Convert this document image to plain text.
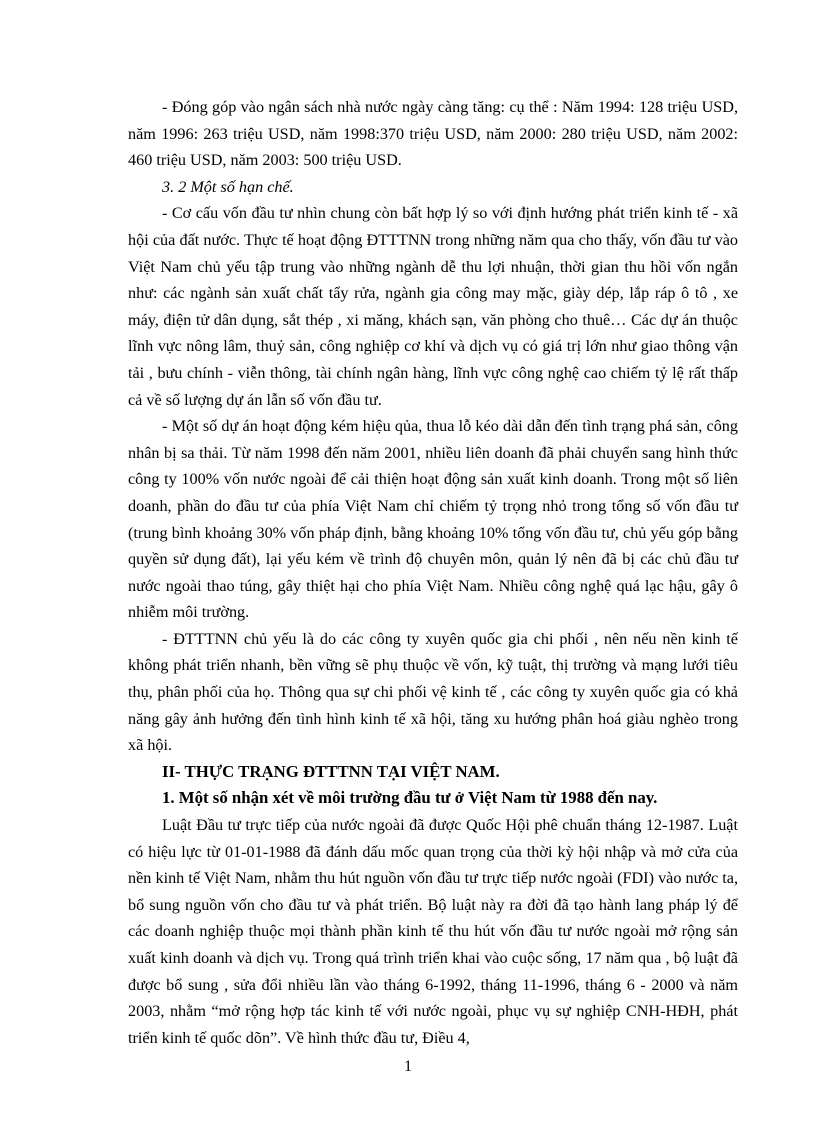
- Đóng góp vào ngân sách nhà nước ngày càng tăng: cụ thể : Năm 1994: 128 triệu USD, năm 1996: 263 triệu USD, năm 1998:370 triệu USD, năm 2000: 280 triệu USD, năm 2002: 460 triệu USD, năm 2003: 500 triệu USD.

3. 2 Một số hạn chế.

- Cơ cấu vốn đầu tư nhìn chung còn bất hợp lý so với định hướng phát triển kinh tế - xã hội của đất nước. Thực tế hoạt động ĐTTTNN trong những năm qua cho thấy, vốn đầu tư vào Việt Nam chủ yếu tập trung vào những ngành dễ thu lợi nhuận, thời gian thu hồi vốn ngắn như: các ngành sản xuất chất tẩy rửa, ngành gia công may mặc, giày dép, lắp ráp ô tô , xe máy, điện tử dân dụng, sắt thép , xi măng, khách sạn, văn phòng cho thuê… Các dự án thuộc lĩnh vực nông lâm, thuỷ sản, công nghiệp cơ khí và dịch vụ có giá trị lớn như giao thông vận tải , bưu chính - viễn thông, tài chính ngân hàng, lĩnh vực công nghệ cao chiếm tỷ lệ rất thấp cả về số lượng dự án lẫn số vốn đầu tư.

- Một số dự án hoạt động kém hiệu qủa, thua lỗ kéo dài dẫn đến tình trạng phá sản, công nhân bị sa thải. Từ năm 1998 đến năm 2001, nhiều liên doanh đã phải chuyển sang hình thức công ty 100% vốn nước ngoài để cải thiện hoạt động sản xuất kinh doanh. Trong một số liên doanh, phần do đầu tư của phía Việt Nam chỉ chiếm tỷ trọng nhỏ trong tổng số vốn đầu tư (trung bình khoảng 30% vốn pháp định, bằng khoảng 10% tổng vốn đầu tư, chủ yếu góp bằng quyền sử dụng đất), lại yếu kém về trình độ chuyên môn, quản lý nên đã bị các chủ đầu tư nước ngoài thao túng, gây thiệt hại cho phía Việt Nam. Nhiều công nghệ quá lạc hậu, gây ô nhiễm môi trường.

- ĐTTTNN chủ yếu là do các công ty xuyên quốc gia chi phối , nên nếu nền kinh tế không phát triển nhanh, bền vững sẽ phụ thuộc về vốn, kỹ tuật, thị trường và mạng lưới tiêu thụ, phân phối của họ. Thông qua sự chi phối vệ kinh tế , các công ty xuyên quốc gia có khả năng gây ảnh hưởng đến tình hình kinh tế xã hội, tăng xu hướng phân hoá giàu nghèo trong xã hội.

II- THỰC TRẠNG ĐTTTNN TẠI VIỆT NAM.

1. Một số nhận xét về môi trường đầu tư ở Việt Nam từ 1988 đến nay.

Luật Đầu tư trực tiếp của nước ngoài đã được Quốc Hội phê chuẩn tháng 12-1987. Luật có hiệu lực từ 01-01-1988 đã đánh dấu mốc quan trọng của thời kỳ hội nhập và mở cửa của nền kinh tế Việt Nam, nhằm thu hút nguồn vốn đầu tư trực tiếp nước ngoài (FDI) vào nước ta, bổ sung nguồn vốn cho đầu tư và phát triển. Bộ luật này ra đời đã tạo hành lang pháp lý để các doanh nghiệp thuộc mọi thành phần kinh tế thu hút vốn đầu tư nước ngoài mở rộng sản xuất kinh doanh và dịch vụ. Trong quá trình triển khai vào cuộc sống, 17 năm qua , bộ luật đã được bổ sung , sửa đổi nhiều lần vào tháng 6-1992, tháng 11-1996, tháng 6 - 2000 và năm 2003, nhằm “mở rộng hợp tác kinh tế với nước ngoài, phục vụ sự nghiệp CNH-HĐH, phát triển kinh tế quốc dõn”. Về hình thức đầu tư, Điều 4,

1
